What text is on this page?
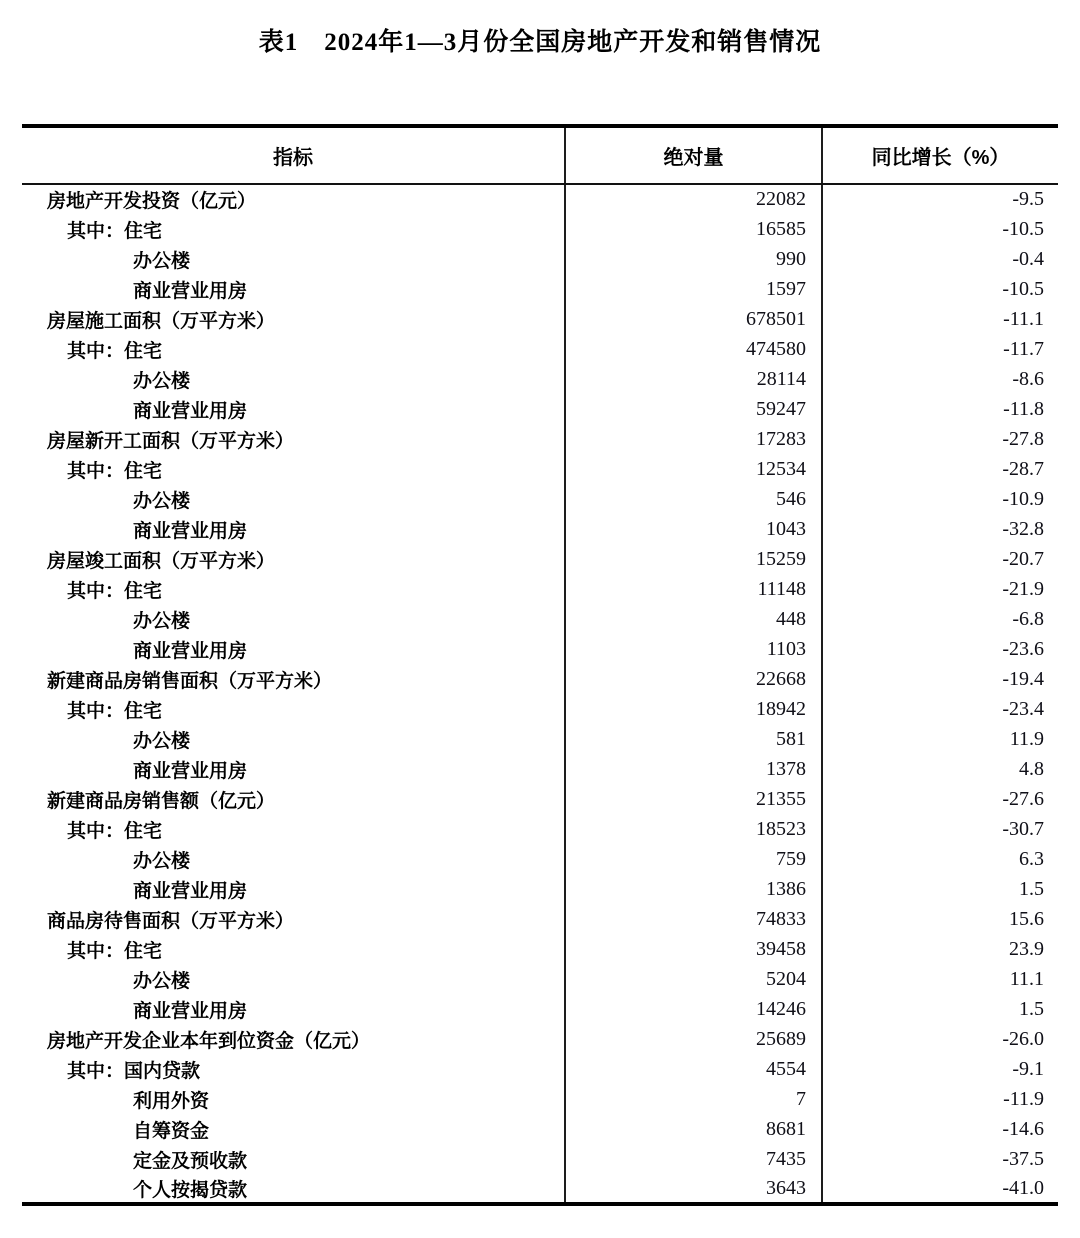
表1　2024年1—3月份全国房地产开发和销售情况
指标	绝对量	同比增长（%）
房地产开发投资（亿元）	22082	-9.5
其中：住宅	16585	-10.5
办公楼	990	-0.4
商业营业用房	1597	-10.5
房屋施工面积（万平方米）	678501	-11.1
其中：住宅	474580	-11.7
办公楼	28114	-8.6
商业营业用房	59247	-11.8
房屋新开工面积（万平方米）	17283	-27.8
其中：住宅	12534	-28.7
办公楼	546	-10.9
商业营业用房	1043	-32.8
房屋竣工面积（万平方米）	15259	-20.7
其中：住宅	11148	-21.9
办公楼	448	-6.8
商业营业用房	1103	-23.6
新建商品房销售面积（万平方米）	22668	-19.4
其中：住宅	18942	-23.4
办公楼	581	11.9
商业营业用房	1378	4.8
新建商品房销售额（亿元）	21355	-27.6
其中：住宅	18523	-30.7
办公楼	759	6.3
商业营业用房	1386	1.5
商品房待售面积（万平方米）	74833	15.6
其中：住宅	39458	23.9
办公楼	5204	11.1
商业营业用房	14246	1.5
房地产开发企业本年到位资金（亿元）	25689	-26.0
其中：国内贷款	4554	-9.1
利用外资	7	-11.9
自筹资金	8681	-14.6
定金及预收款	7435	-37.5
个人按揭贷款	3643	-41.0
